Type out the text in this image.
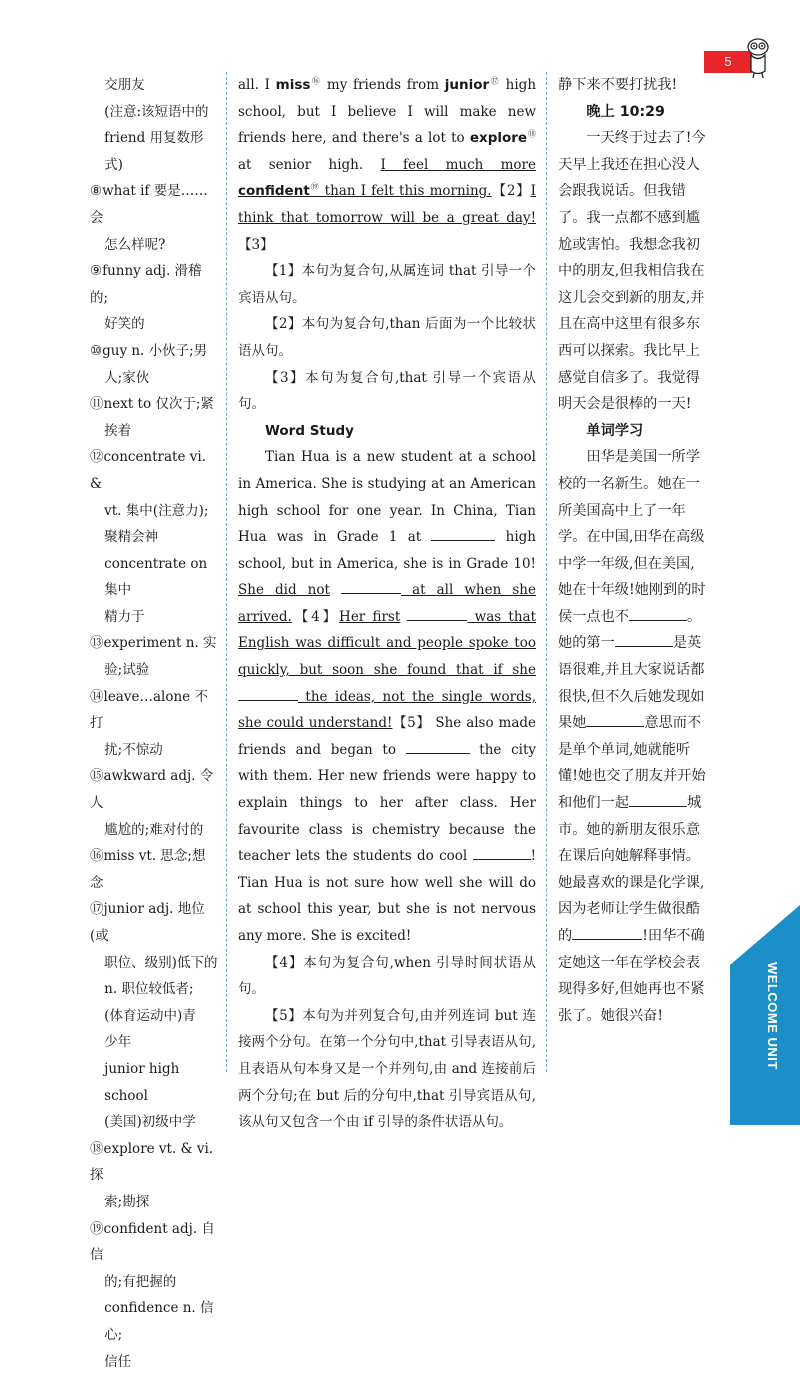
5
WELCOME UNIT
交朋友
(注意:该短语中的
friend 用复数形式)
⑧what if 要是……会
怎么样呢?
⑨funny adj. 滑稽的;
好笑的
⑩guy n. 小伙子;男
人;家伙
⑪next to 仅次于;紧
挨着
⑫concentrate vi. &
vt. 集中(注意力);
聚精会神
concentrate on 集中
精力于
⑬experiment n. 实
验;试验
⑭leave…alone 不打
扰;不惊动
⑮awkward adj. 令人
尴尬的;难对付的
⑯miss vt. 思念;想念
⑰junior adj. 地位(或
职位、级别)低下的
n. 职位较低者;
(体育运动中)青
少年
junior high school
(美国)初级中学
⑱explore vt. & vi. 探
索;勘探
⑲confident adj. 自信
的;有把握的
confidence n. 信心;
信任

all. I miss⑯ my friends from junior⑰ high school, but I believe I will make new friends here, and there's a lot to explore⑱ at senior high. I feel much more confident⑲ than I felt this morning.【2】I think that tomorrow will be a great day!【3】

【1】本句为复合句,从属连词 that 引导一个宾语从句。

【2】本句为复合句,than 后面为一个比较状语从句。

【3】本句为复合句,that 引导一个宾语从句。

Word Study

Tian Hua is a new student at a school in America. She is studying at an American high school for one year. In China, Tian Hua was in Grade 1 at	high school, but in America, she is in Grade 10! She did not	at all when she arrived.【4】Her first	was that English was difficult and people spoke too quickly, but soon she found that if she  the ideas, not the single words, she could understand!【5】 She also made friends and began to	the city with them. Her new friends were happy to explain things to her after class. Her favourite class is chemistry because the teacher lets the students do cool	! Tian Hua is not sure how well she will do at school this year, but she is not nervous any more. She is excited!

【4】本句为复合句,when 引导时间状语从句。

【5】本句为并列复合句,由并列连词 but 连接两个分句。在第一个分句中,that 引导表语从句,且表语从句本身又是一个并列句,由 and 连接前后两个分句;在 but 后的分句中,that 引导宾语从句,该从句又包含一个由 if 引导的条件状语从句。

静下来不要打扰我!

晚上 10:29

一天终于过去了!今天早上我还在担心没人会跟我说话。但我错了。我一点都不感到尴尬或害怕。我想念我初中的朋友,但我相信我在这儿会交到新的朋友,并且在高中这里有很多东西可以探索。我比早上感觉自信多了。我觉得明天会是很棒的一天!

单词学习

田华是美国一所学校的一名新生。她在一所美国高中上了一年学。在中国,田华在高级中学一年级,但在美国,她在十年级!她刚到的时侯一点也不	。她的第一	是英语很难,并且大家说话都很快,但不久后她发现如果她	意思而不是单个单词,她就能听懂!她也交了朋友并开始和他们一起	城市。她的新朋友很乐意在课后向她解释事情。她最喜欢的课是化学课,因为老师让学生做很酷的	!田华不确定她这一年在学校会表现得多好,但她再也不紧张了。她很兴奋!
